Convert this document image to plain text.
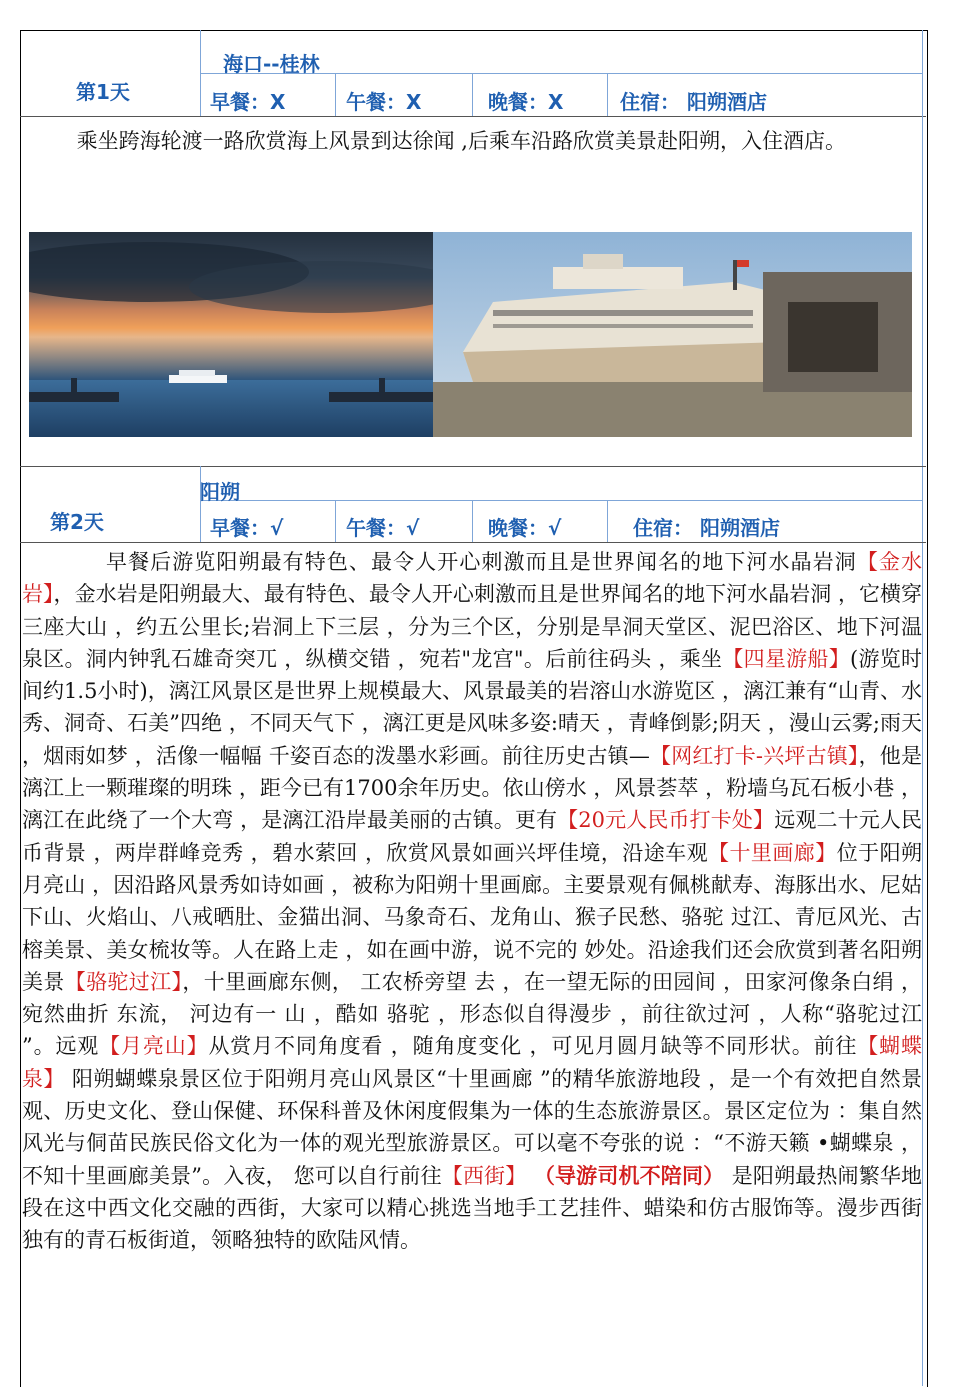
第1天
海口--桂林
早餐：X	午餐：X	晚餐：X	住宿： 阳朔酒店
乘坐跨海轮渡一路欣赏海上风景到达徐闻 ,后乘车沿路欣赏美景赴阳朔，入住酒店。
第2天
阳朔
早餐：√	午餐：√	晚餐：√	住宿： 阳朔酒店
早餐后游览阳朔最有特色、最令人开心刺激而且是世界闻名的地下河水晶岩洞【金水岩】，金水岩是阳朔最大、最有特色、最令人开心刺激而且是世界闻名的地下河水晶岩洞 ，它横穿三座大山 ，约五公里长;岩洞上下三层 ，分为三个区，分别是旱洞天堂区、泥巴浴区、地下河温泉区。洞内钟乳石雄奇突兀 ，纵横交错 ，宛若"龙宫"。后前往码头 ，乘坐【四星游船】(游览时间约1.5小时)，漓江风景区是世界上规模最大、风景最美的岩溶山水游览区 ，漓江兼有“山青、水秀、洞奇、石美”四绝 ，不同天气下 ，漓江更是风味多姿:晴天 ，青峰倒影;阴天 ，漫山云雾;雨天 ，烟雨如梦 ，活像一幅幅 千姿百态的泼墨水彩画。前往历史古镇—【网红打卡-兴坪古镇】，他是漓江上一颗璀璨的明珠 ，距今已有1700余年历史。依山傍水 ，风景荟萃 ，粉墙乌瓦石板小巷 ，漓江在此绕了一个大弯 ，是漓江沿岸最美丽的古镇。更有【20元人民币打卡处】远观二十元人民币背景 ，两岸群峰竞秀 ，碧水萦回 ，欣赏风景如画兴坪佳境，沿途车观【十里画廊】位于阳朔月亮山 ，因沿路风景秀如诗如画 ，被称为阳朔十里画廊。主要景观有佩桃献寿、海豚出水、尼姑下山、火焰山、八戒晒肚、金猫出洞、马象奇石、龙角山、猴子民愁、骆驼 过江、青厄风光、古榕美景、美女梳妆等。人在路上走 ，如在画中游，说不完的 妙处。沿途我们还会欣赏到著名阳朔美景【骆驼过江】，十里画廊东侧， 工农桥旁望 去 ，在一望无际的田园间 ，田家河像条白绢 ，宛然曲折 东流， 河边有一 山 ，酷如 骆驼 ，形态似自得漫步 ，前往欲过河 ，人称“骆驼过江 ”。远观【月亮山】从赏月不同角度看 ，随角度变化 ，可见月圆月缺等不同形状。前往【蝴蝶泉】 阳朔蝴蝶泉景区位于阳朔月亮山风景区“十里画廊 ”的精华旅游地段 ，是一个有效把自然景观、历史文化、登山保健、环保科普及休闲度假集为一体的生态旅游景区。景区定位为 ：集自然风光与侗苗民族民俗文化为一体的观光型旅游景区。可以毫不夸张的说 ：“不游天籁 •蝴蝶泉 ，不知十里画廊美景”。入夜， 您可以自行前往【西街】 （导游司机不陪同） 是阳朔最热闹繁华地段在这中西文化交融的西街，大家可以精心挑选当地手工艺挂件、蜡染和仿古服饰等。漫步西街独有的青石板街道，领略独特的欧陆风情。
